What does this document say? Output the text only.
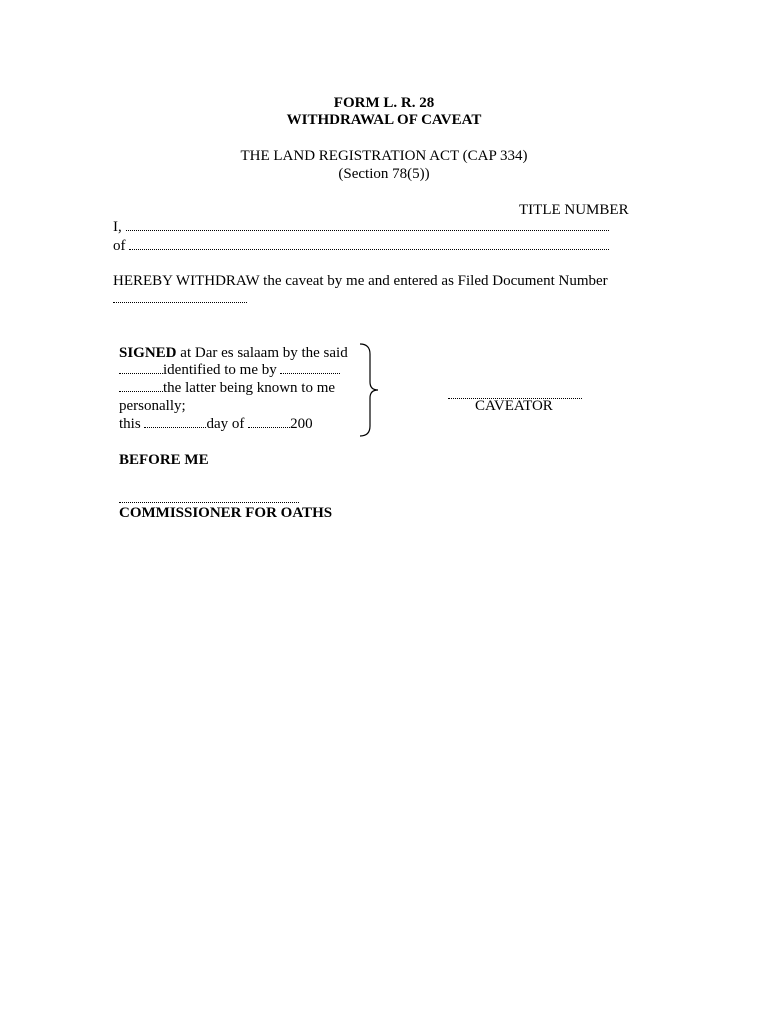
FORM L. R. 28
WITHDRAWAL OF CAVEAT
THE LAND REGISTRATION ACT (CAP 334)
(Section 78(5))
TITLE NUMBER
I,
of
HEREBY WITHDRAW the caveat by me and entered as Filed Document Number
SIGNED at Dar es salaam by the said
identified to me by
the latter being known to me
personally;
this	day of	200
CAVEATOR
BEFORE ME
COMMISSIONER FOR OATHS
